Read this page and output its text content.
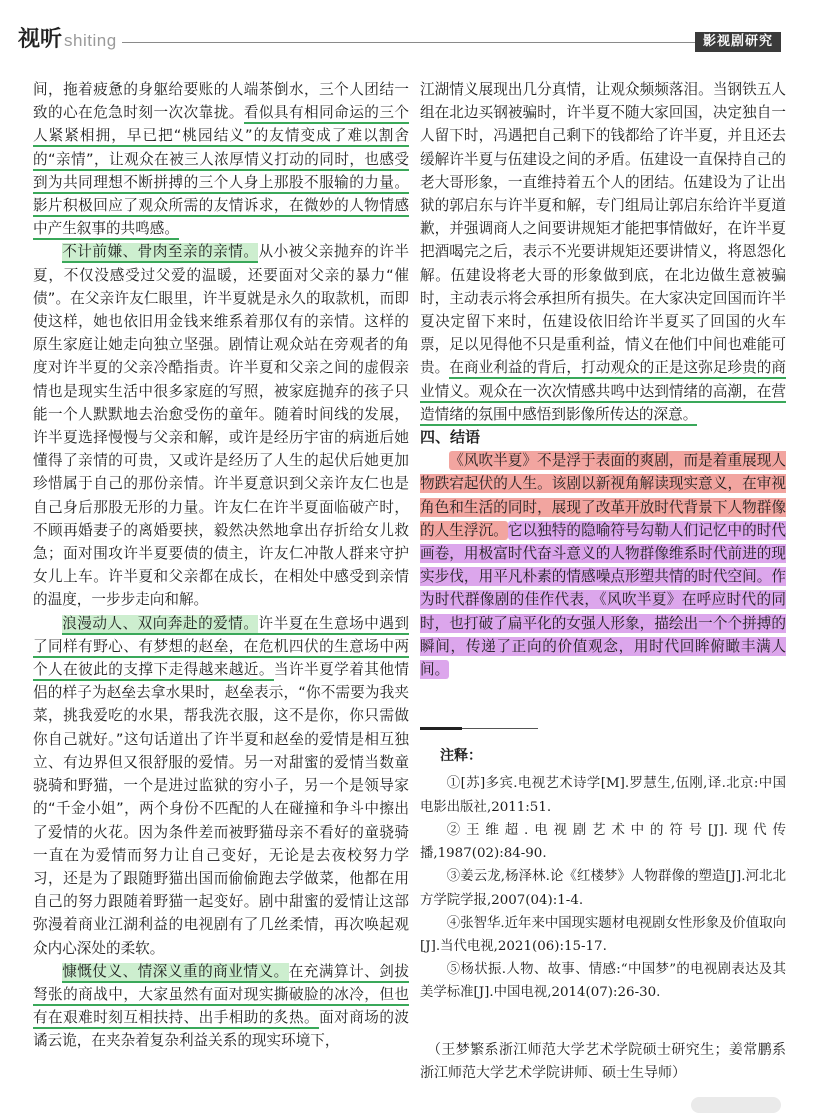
视听 shiting	影视剧研究

间，拖着疲惫的身躯给要账的人端茶倒水，三个人团结一致的心在危急时刻一次次靠拢。看似具有相同命运的三个人紧紧相拥，早已把“桃园结义”的友情变成了难以割舍的“亲情”，让观众在被三人浓厚情义打动的同时，也感受到为共同理想不断拼搏的三个人身上那股不服输的力量。影片积极回应了观众所需的友情诉求，在微妙的人物情感中产生叙事的共鸣感。

不计前嫌、骨肉至亲的亲情。从小被父亲抛弃的许半夏，不仅没感受过父爱的温暖，还要面对父亲的暴力“催债”。在父亲许友仁眼里，许半夏就是永久的取款机，而即使这样，她也依旧用金钱来维系着那仅有的亲情。这样的原生家庭让她走向独立坚强。剧情让观众站在旁观者的角度对许半夏的父亲冷酷指责。许半夏和父亲之间的虚假亲情也是现实生活中很多家庭的写照，被家庭抛弃的孩子只能一个人默默地去治愈受伤的童年。随着时间线的发展，许半夏选择慢慢与父亲和解，或许是经历宇宙的病逝后她懂得了亲情的可贵，又或许是经历了人生的起伏后她更加珍惜属于自己的那份亲情。许半夏意识到父亲许友仁也是自己身后那股无形的力量。许友仁在许半夏面临破产时，不顾再婚妻子的离婚要挟，毅然决然地拿出存折给女儿救急；面对围攻许半夏要债的债主，许友仁冲散人群来守护女儿上车。许半夏和父亲都在成长，在相处中感受到亲情的温度，一步步走向和解。

浪漫动人、双向奔赴的爱情。许半夏在生意场中遇到了同样有野心、有梦想的赵垒，在危机四伏的生意场中两个人在彼此的支撑下走得越来越近。当许半夏学着其他情侣的样子为赵垒去拿水果时，赵垒表示，“你不需要为我夹菜，挑我爱吃的水果，帮我洗衣服，这不是你，你只需做你自己就好。”这句话道出了许半夏和赵垒的爱情是相互独立、有边界但又很舒服的爱情。另一对甜蜜的爱情当数童骁骑和野猫，一个是进过监狱的穷小子，另一个是领导家的“千金小姐”，两个身份不匹配的人在碰撞和争斗中擦出了爱情的火花。因为条件差而被野猫母亲不看好的童骁骑一直在为爱情而努力让自己变好，无论是去夜校努力学习，还是为了跟随野猫出国而偷偷跑去学做菜，他都在用自己的努力跟随着野猫一起变好。剧中甜蜜的爱情让这部弥漫着商业江湖利益的电视剧有了几丝柔情，再次唤起观众内心深处的柔软。

慷慨仗义、情深义重的商业情义。在充满算计、剑拔弩张的商战中，大家虽然有面对现实撕破脸的冰冷，但也有在艰难时刻互相扶持、出手相助的炙热。面对商场的波谲云诡，在夹杂着复杂利益关系的现实环境下，

江湖情义展现出几分真情，让观众频频落泪。当钢铁五人组在北边买钢被骗时，许半夏不随大家回国，决定独自一人留下时，冯遇把自己剩下的钱都给了许半夏，并且还去缓解许半夏与伍建设之间的矛盾。伍建设一直保持自己的老大哥形象，一直维持着五个人的团结。伍建设为了让出狱的郭启东与许半夏和解，专门组局让郭启东给许半夏道歉，并强调商人之间要讲规矩才能把事情做好，在许半夏把酒喝完之后，表示不光要讲规矩还要讲情义，将恩怨化解。伍建设将老大哥的形象做到底，在北边做生意被骗时，主动表示将会承担所有损失。在大家决定回国而许半夏决定留下来时，伍建设依旧给许半夏买了回国的火车票，足以见得他不只是重利益，情义在他们中间也难能可贵。在商业利益的背后，打动观众的正是这弥足珍贵的商业情义。观众在一次次情感共鸣中达到情绪的高潮，在营造情绪的氛围中感悟到影像所传达的深意。

四、结语

《风吹半夏》不是浮于表面的爽剧，而是着重展现人物跌宕起伏的人生。该剧以新视角解读现实意义，在审视角色和生活的同时，展现了改革开放时代背景下人物群像的人生浮沉。它以独特的隐喻符号勾勒人们记忆中的时代画卷，用极富时代奋斗意义的人物群像维系时代前进的现实步伐，用平凡朴素的情感噪点形塑共情的时代空间。作为时代群像剧的佳作代表，《风吹半夏》在呼应时代的同时，也打破了扁平化的女强人形象，描绘出一个个拼搏的瞬间，传递了正向的价值观念，用时代回眸俯瞰丰满人间。

注释：

①[苏]多宾.电视艺术诗学[M].罗慧生,伍刚,译.北京:中国电影出版社,2011:51.

②王维超.电视剧艺术中的符号[J].现代传播,1987(02):84-90.

③姜云龙,杨泽林.论《红楼梦》人物群像的塑造[J].河北北方学院学报,2007(04):1-4.

④张智华.近年来中国现实题材电视剧女性形象及价值取向[J].当代电视,2021(06):15-17.

⑤杨状振.人物、故事、情感:“中国梦”的电视剧表达及其美学标准[J].中国电视,2014(07):26-30.

（王梦繁系浙江师范大学艺术学院硕士研究生；姜常鹏系浙江师范大学艺术学院讲师、硕士生导师）
